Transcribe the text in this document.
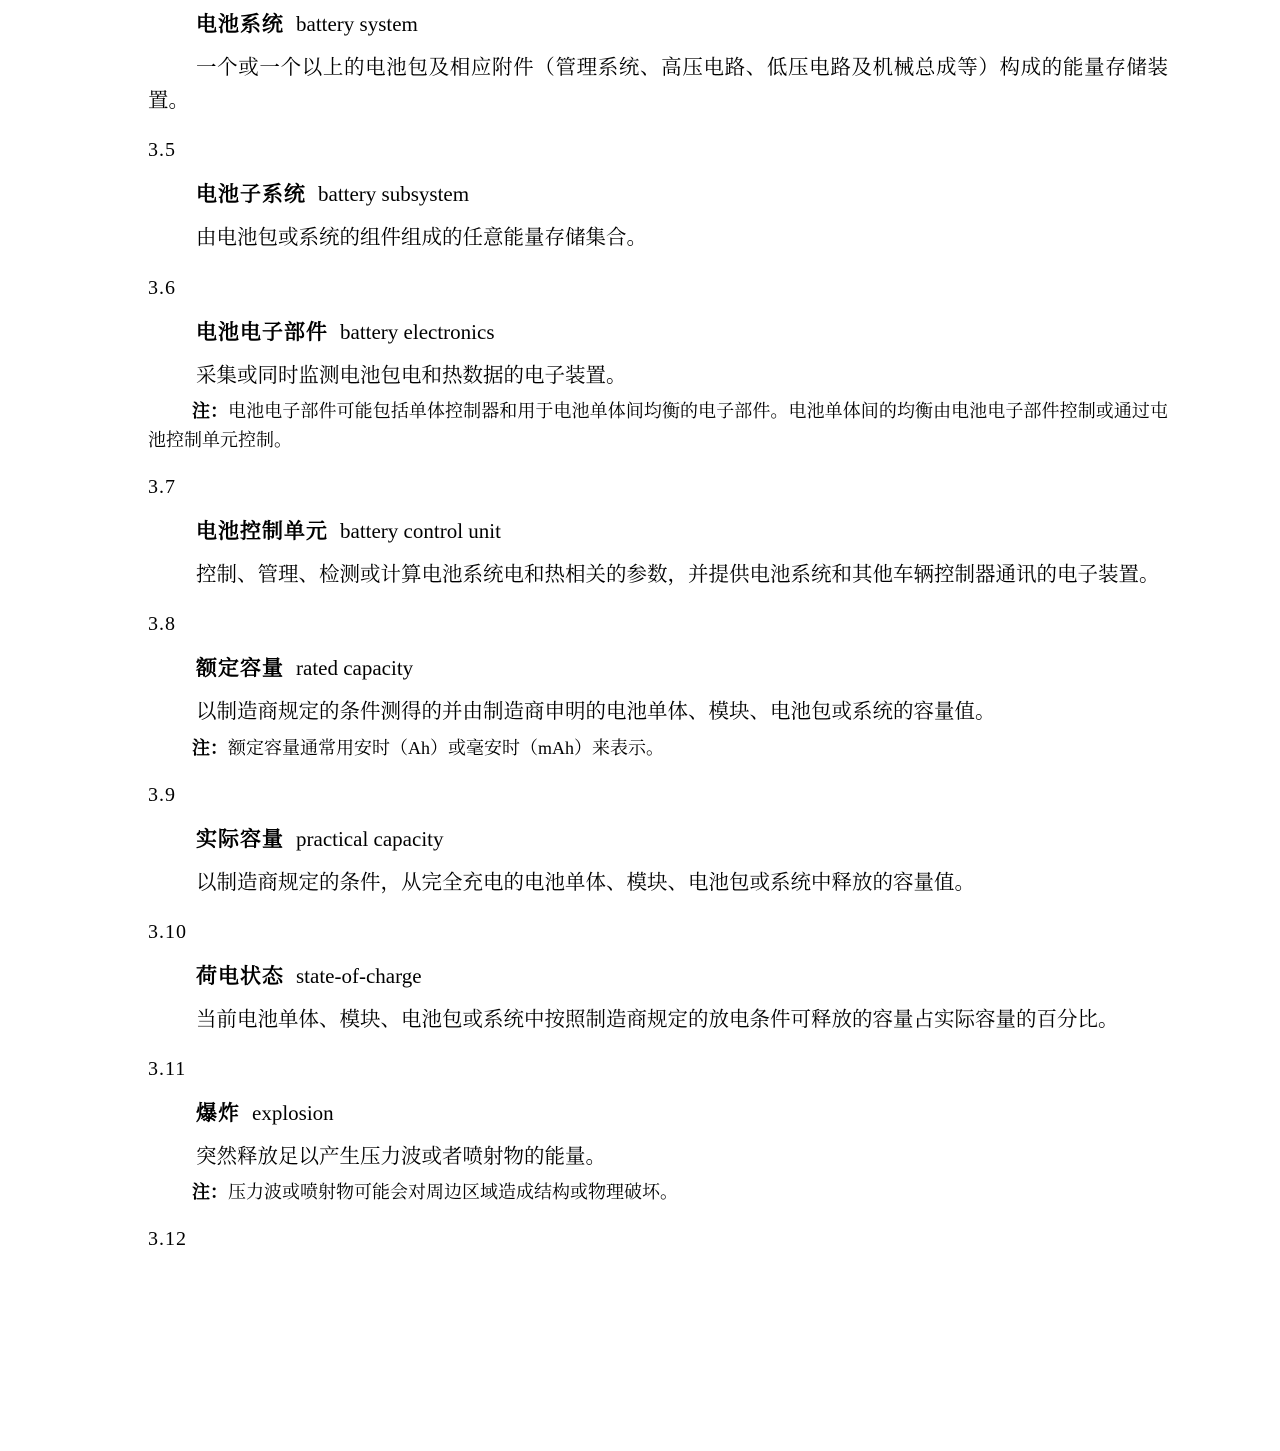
电池系统 battery system
一个或一个以上的电池包及相应附件（管理系统、高压电路、低压电路及机械总成等）构成的能量存储装置。
3.5
电池子系统 battery subsystem
由电池包或系统的组件组成的任意能量存储集合。
3.6
电池电子部件 battery electronics
采集或同时监测电池包电和热数据的电子装置。
注：电池电子部件可能包括单体控制器和用于电池单体间均衡的电子部件。电池单体间的均衡由电池电子部件控制或通过屯池控制单元控制。
3.7
电池控制单元 battery control unit
控制、管理、检测或计算电池系统电和热相关的参数，并提供电池系统和其他车辆控制器通讯的电子装置。
3.8
额定容量 rated capacity
以制造商规定的条件测得的并由制造商申明的电池单体、模块、电池包或系统的容量值。
注：额定容量通常用安时（Ah）或毫安时（mAh）来表示。
3.9
实际容量 practical capacity
以制造商规定的条件，从完全充电的电池单体、模块、电池包或系统中释放的容量值。
3.10
荷电状态 state-of-charge
当前电池单体、模块、电池包或系统中按照制造商规定的放电条件可释放的容量占实际容量的百分比。
3.11
爆炸 explosion
突然释放足以产生压力波或者喷射物的能量。
注：压力波或喷射物可能会对周边区域造成结构或物理破坏。
3.12
